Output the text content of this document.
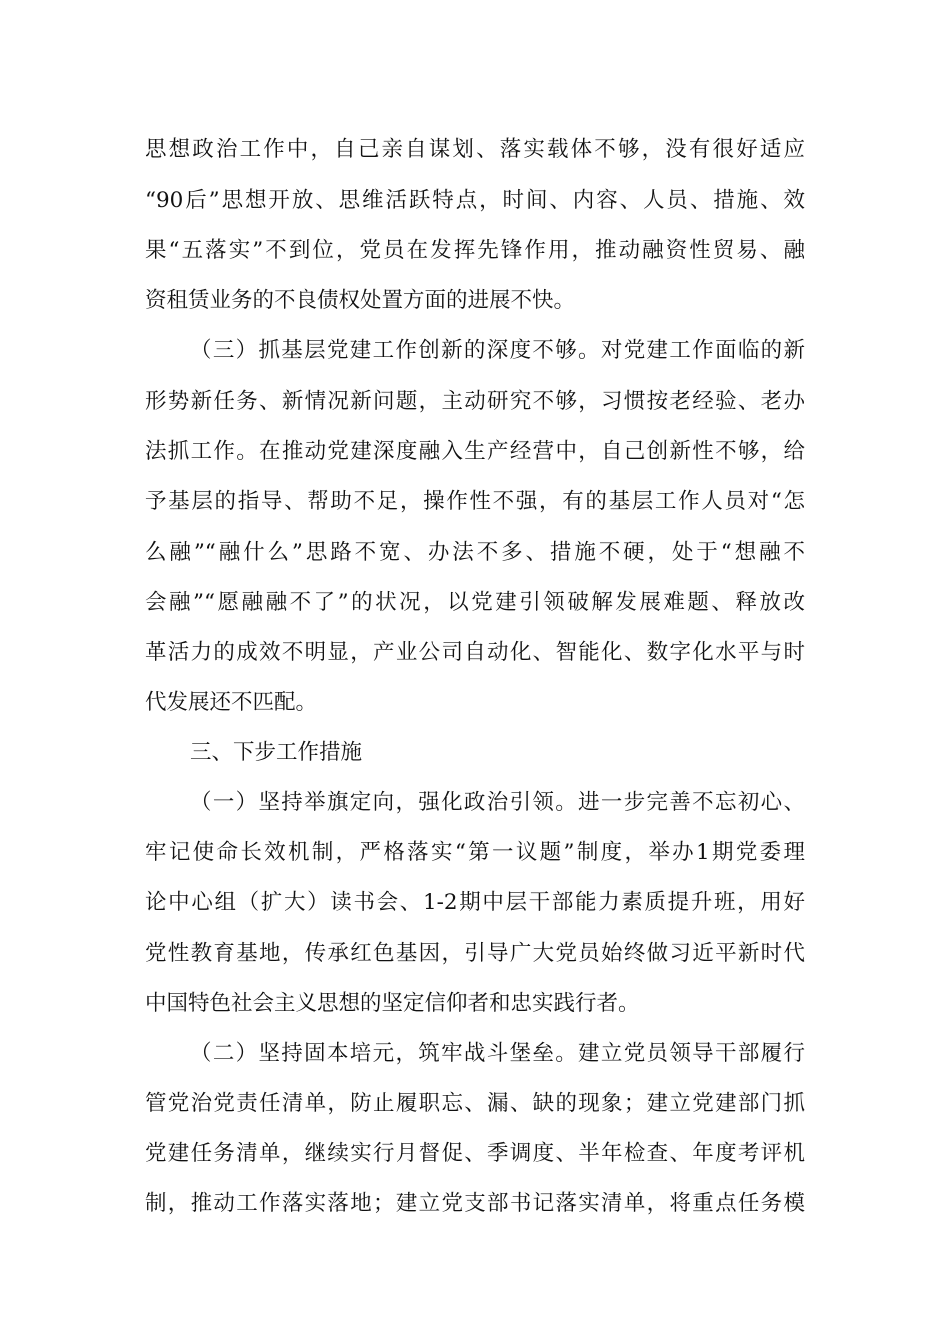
思想政治工作中，自己亲自谋划、落实载体不够，没有很好适应
“90后”思想开放、思维活跃特点，时间、内容、人员、措施、效
果“五落实”不到位，党员在发挥先锋作用，推动融资性贸易、融
资租赁业务的不良债权处置方面的进展不快。
（三）抓基层党建工作创新的深度不够。对党建工作面临的新
形势新任务、新情况新问题，主动研究不够，习惯按老经验、老办
法抓工作。在推动党建深度融入生产经营中，自己创新性不够，给
予基层的指导、帮助不足，操作性不强，有的基层工作人员对“怎
么融”“融什么”思路不宽、办法不多、措施不硬，处于“想融不
会融”“愿融融不了”的状况，以党建引领破解发展难题、释放改
革活力的成效不明显，产业公司自动化、智能化、数字化水平与时
代发展还不匹配。
三、下步工作措施
（一）坚持举旗定向，强化政治引领。进一步完善不忘初心、
牢记使命长效机制，严格落实“第一议题”制度，举办1期党委理
论中心组（扩大）读书会、1-2期中层干部能力素质提升班，用好
党性教育基地，传承红色基因，引导广大党员始终做习近平新时代
中国特色社会主义思想的坚定信仰者和忠实践行者。
（二）坚持固本培元，筑牢战斗堡垒。建立党员领导干部履行
管党治党责任清单，防止履职忘、漏、缺的现象；建立党建部门抓
党建任务清单，继续实行月督促、季调度、半年检查、年度考评机
制，推动工作落实落地；建立党支部书记落实清单，将重点任务模
